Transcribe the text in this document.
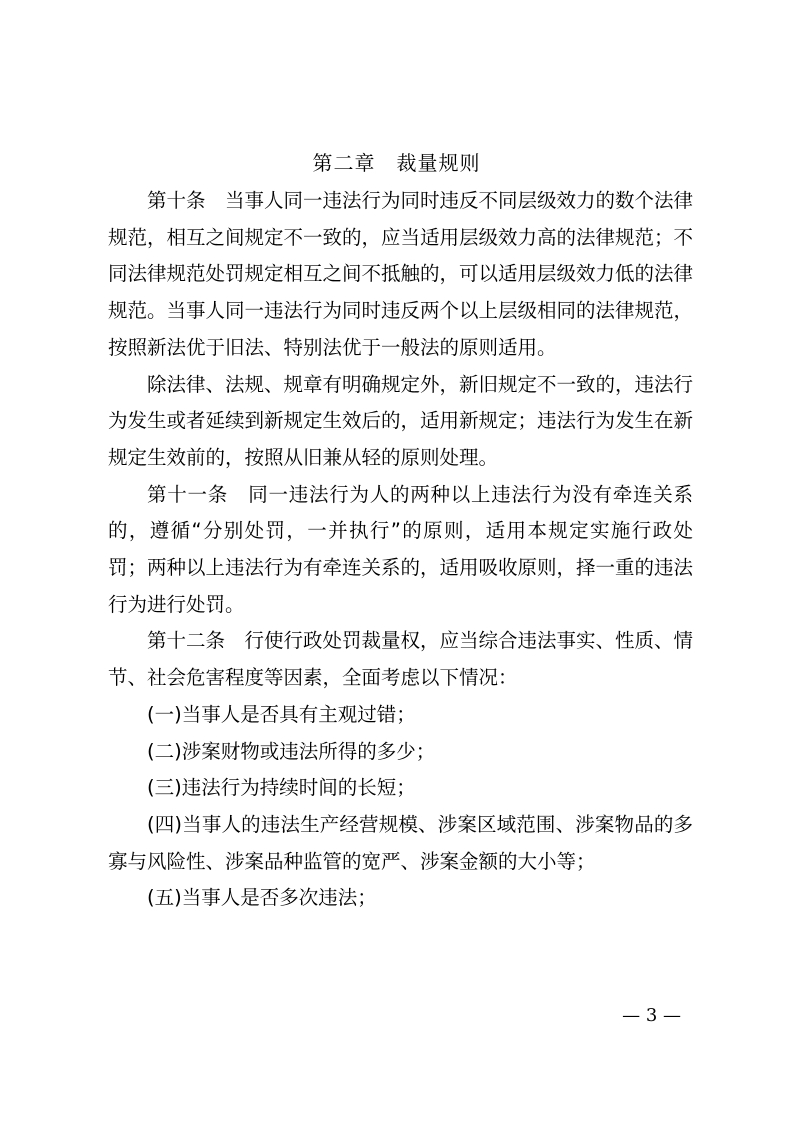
第二章　裁量规则

第十条　当事人同一违法行为同时违反不同层级效力的数个法律规范，相互之间规定不一致的，应当适用层级效力高的法律规范；不同法律规范处罚规定相互之间不抵触的，可以适用层级效力低的法律规范。当事人同一违法行为同时违反两个以上层级相同的法律规范，按照新法优于旧法、特别法优于一般法的原则适用。

除法律、法规、规章有明确规定外，新旧规定不一致的，违法行为发生或者延续到新规定生效后的，适用新规定；违法行为发生在新规定生效前的，按照从旧兼从轻的原则处理。

第十一条　同一违法行为人的两种以上违法行为没有牵连关系的，遵循“分别处罚，一并执行”的原则，适用本规定实施行政处罚；两种以上违法行为有牵连关系的，适用吸收原则，择一重的违法行为进行处罚。

第十二条　行使行政处罚裁量权，应当综合违法事实、性质、情节、社会危害程度等因素，全面考虑以下情况：

(一)当事人是否具有主观过错；

(二)涉案财物或违法所得的多少；

(三)违法行为持续时间的长短；

(四)当事人的违法生产经营规模、涉案区域范围、涉案物品的多寡与风险性、涉案品种监管的宽严、涉案金额的大小等；

(五)当事人是否多次违法；

— 3 —
